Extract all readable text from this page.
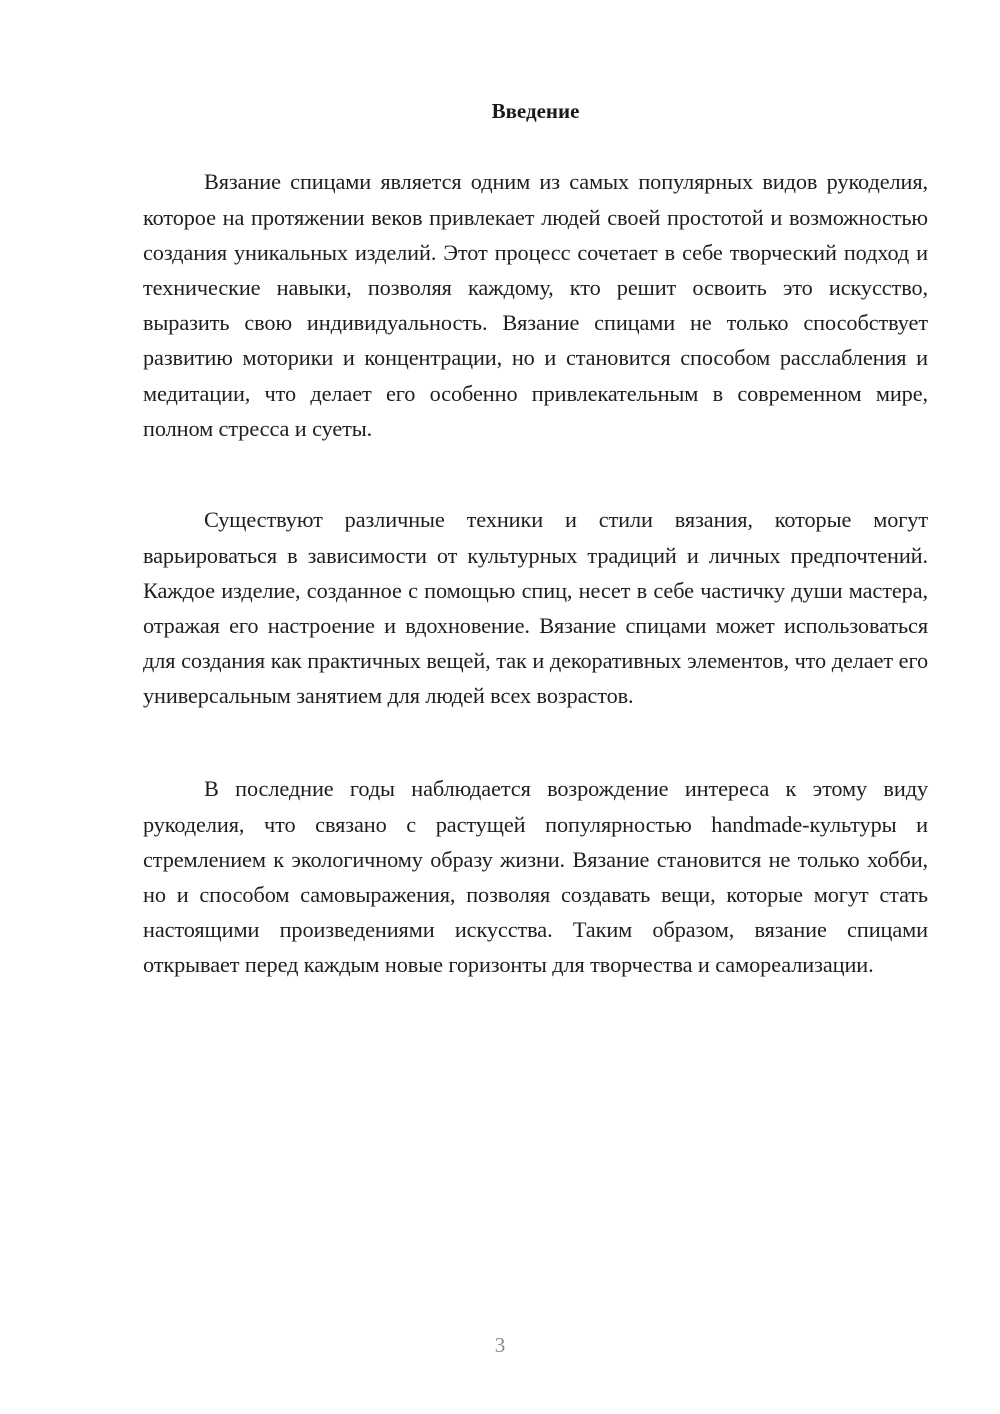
Введение

Вязание спицами является одним из самых популярных видов рукоделия, которое на протяжении веков привлекает людей своей простотой и возможностью создания уникальных изделий. Этот процесс сочетает в себе творческий подход и технические навыки, позволяя каждому, кто решит освоить это искусство, выразить свою индивидуальность. Вязание спицами не только способствует развитию моторики и концентрации, но и становится способом расслабления и медитации, что делает его особенно привлекательным в современном мире, полном стресса и суеты.

Существуют различные техники и стили вязания, которые могут варьироваться в зависимости от культурных традиций и личных предпочтений. Каждое изделие, созданное с помощью спиц, несет в себе частичку души мастера, отражая его настроение и вдохновение. Вязание спицами может использоваться для создания как практичных вещей, так и декоративных элементов, что делает его универсальным занятием для людей всех возрастов.

В последние годы наблюдается возрождение интереса к этому виду рукоделия, что связано с растущей популярностью handmade-культуры и стремлением к экологичному образу жизни. Вязание становится не только хобби, но и способом самовыражения, позволяя создавать вещи, которые могут стать настоящими произведениями искусства. Таким образом, вязание спицами открывает перед каждым новые горизонты для творчества и самореализации.

3
